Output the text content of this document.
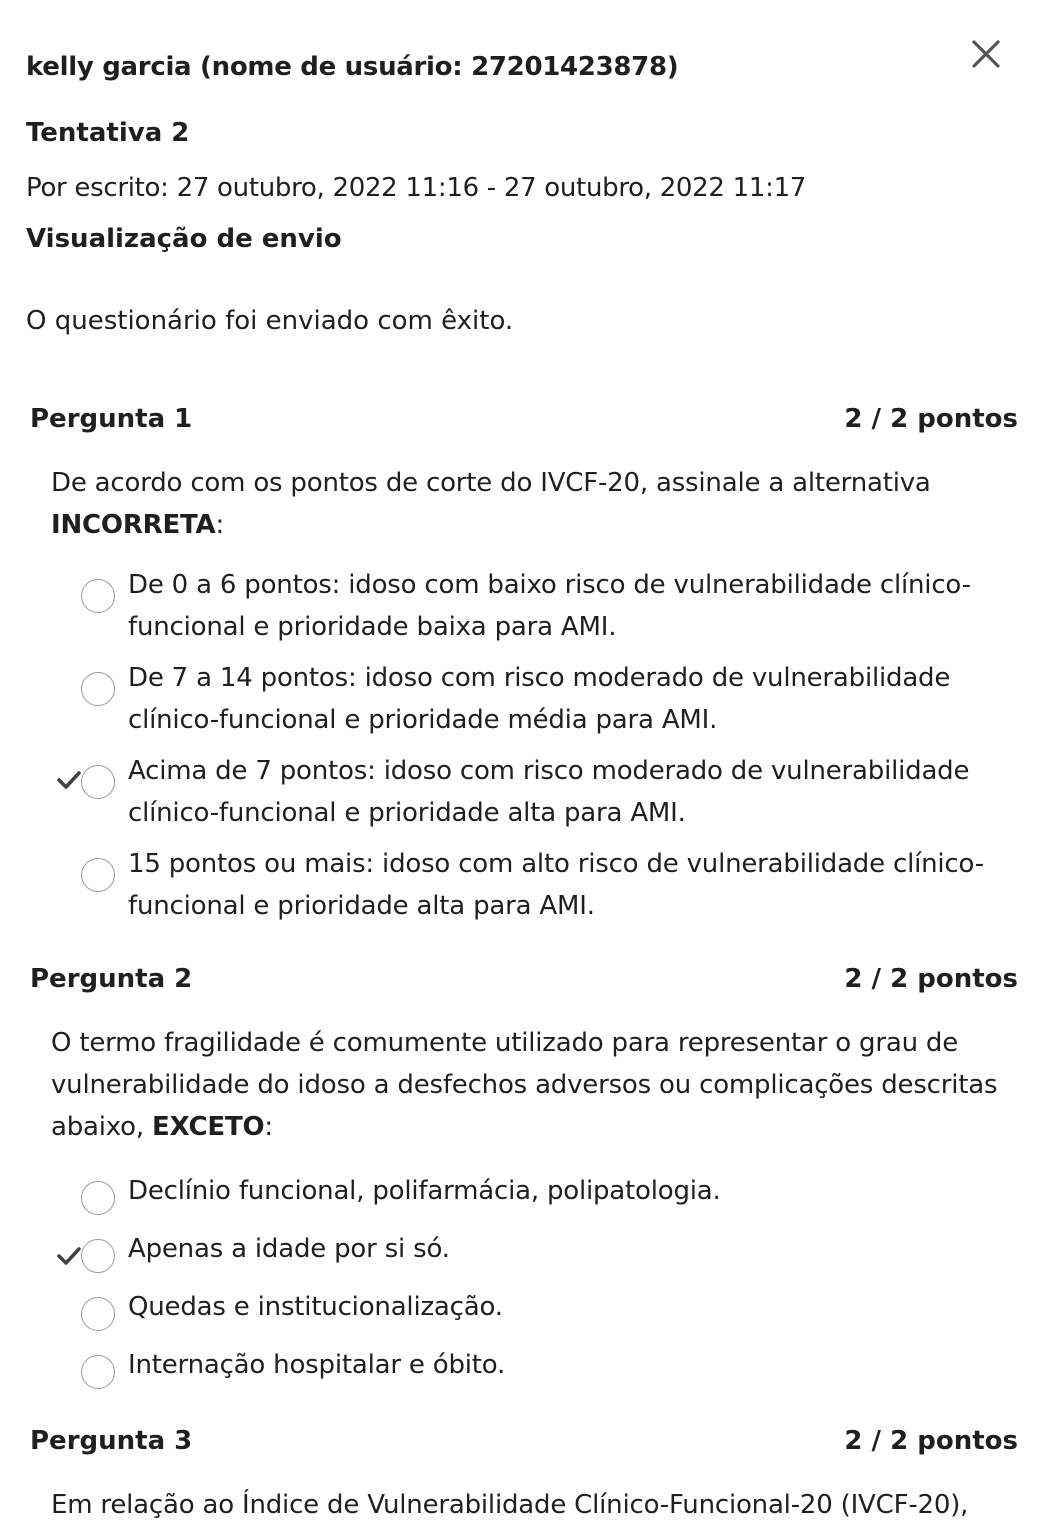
kelly garcia (nome de usuário: 27201423878)
Tentativa 2
Por escrito: 27 outubro, 2022 11:16 - 27 outubro, 2022 11:17
Visualização de envio
O questionário foi enviado com êxito.
Pergunta 1	2 / 2 pontos
De acordo com os pontos de corte do IVCF-20, assinale a alternativa
INCORRETA:
De 0 a 6 pontos: idoso com baixo risco de vulnerabilidade clínico-funcional e prioridade baixa para AMI.
De 7 a 14 pontos: idoso com risco moderado de vulnerabilidade clínico-funcional e prioridade média para AMI.
Acima de 7 pontos: idoso com risco moderado de vulnerabilidade clínico-funcional e prioridade alta para AMI.
15 pontos ou mais: idoso com alto risco de vulnerabilidade clínico-funcional e prioridade alta para AMI.
Pergunta 2	2 / 2 pontos
O termo fragilidade é comumente utilizado para representar o grau de vulnerabilidade do idoso a desfechos adversos ou complicações descritas abaixo, EXCETO:
Declínio funcional, polifarmácia, polipatologia.
Apenas a idade por si só.
Quedas e institucionalização.
Internação hospitalar e óbito.
Pergunta 3	2 / 2 pontos
Em relação ao Índice de Vulnerabilidade Clínico-Funcional-20 (IVCF-20),
